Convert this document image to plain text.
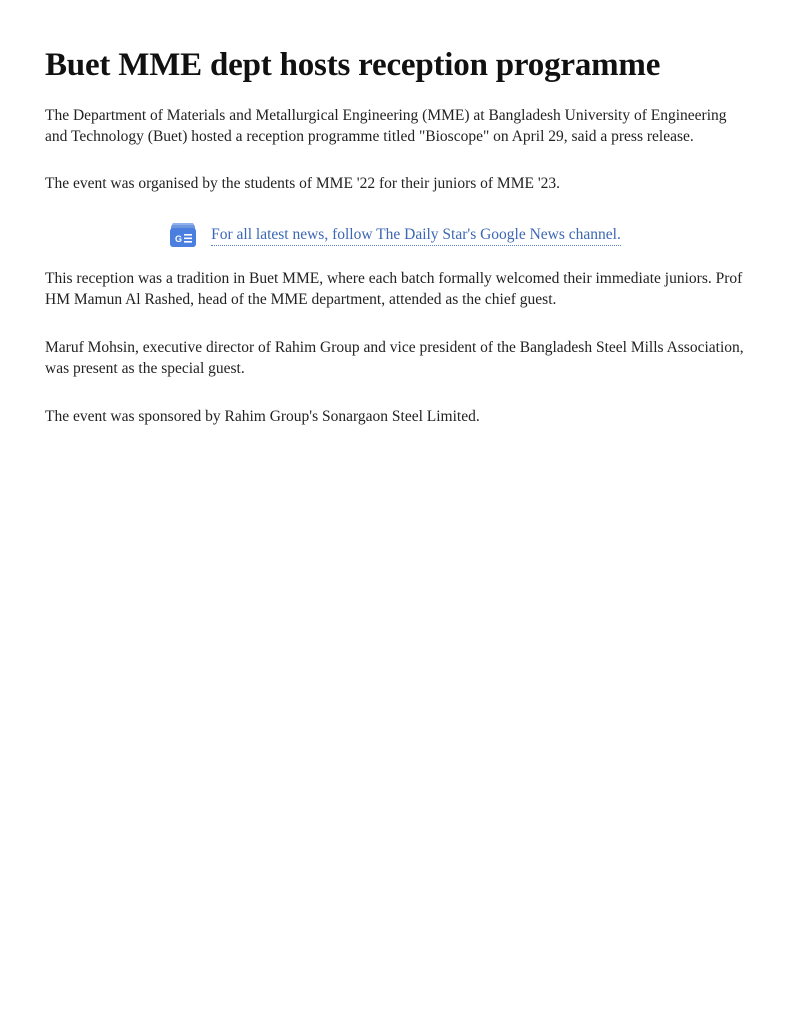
Buet MME dept hosts reception programme

The Department of Materials and Metallurgical Engineering (MME) at Bangladesh University of Engineering and Technology (Buet) hosted a reception programme titled "Bioscope" on April 29, said a press release.

The event was organised by the students of MME '22 for their juniors of MME '23.

G For all latest news, follow The Daily Star's Google News channel.

This reception was a tradition in Buet MME, where each batch formally welcomed their immediate juniors. Prof HM Mamun Al Rashed, head of the MME department, attended as the chief guest.

Maruf Mohsin, executive director of Rahim Group and vice president of the Bangladesh Steel Mills Association, was present as the special guest.

The event was sponsored by Rahim Group's Sonargaon Steel Limited.
